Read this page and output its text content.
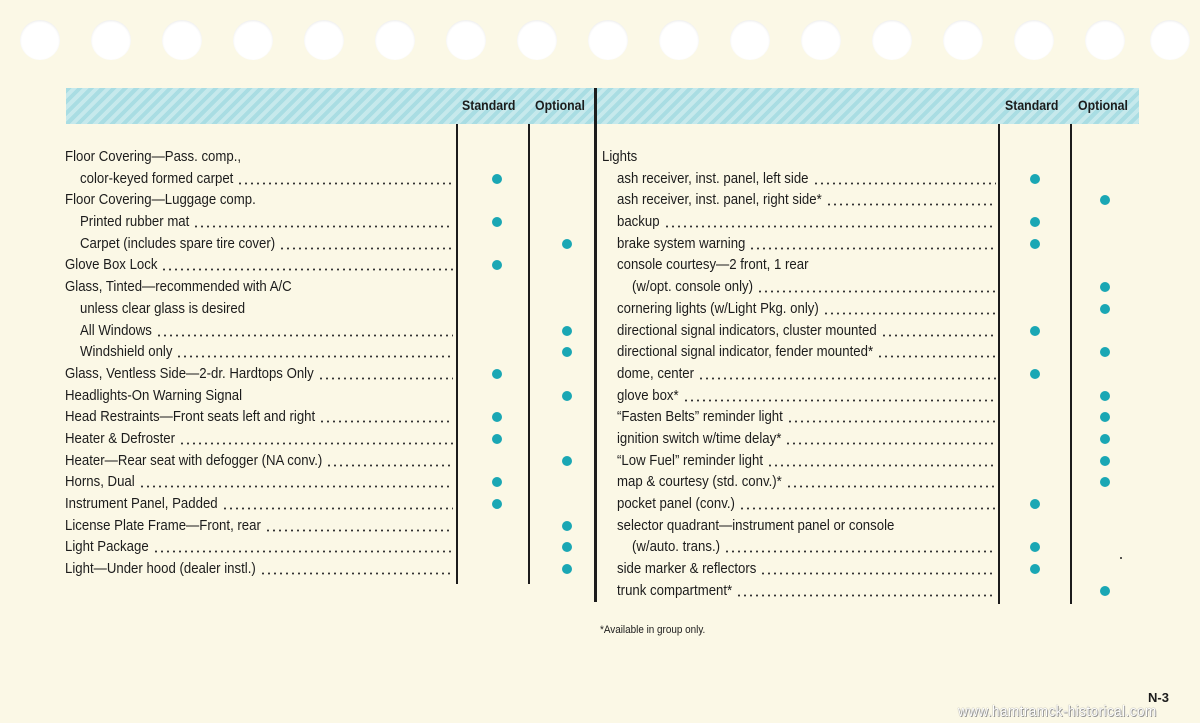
Standard Optional	Standard Optional
Floor Covering—Pass. comp.,
color-keyed formed carpet
Floor Covering—Luggage comp.
Printed rubber mat
Carpet (includes spare tire cover)
Glove Box Lock
Glass, Tinted—recommended with A/C
unless clear glass is desired
All Windows
Windshield only
Glass, Ventless Side—2-dr. Hardtops Only
Headlights-On Warning Signal
Head Restraints—Front seats left and right
Heater & Defroster
Heater—Rear seat with defogger (NA conv.)
Horns, Dual
Instrument Panel, Padded
License Plate Frame—Front, rear
Light Package
Light—Under hood (dealer instl.)
Lights
ash receiver, inst. panel, left side
ash receiver, inst. panel, right side*
backup
brake system warning
console courtesy—2 front, 1 rear
(w/opt. console only)
cornering lights (w/Light Pkg. only)
directional signal indicators, cluster mounted
directional signal indicator, fender mounted*
dome, center
glove box*
“Fasten Belts” reminder light
ignition switch w/time delay*
“Low Fuel” reminder light
map & courtesy (std. conv.)*
pocket panel (conv.)
selector quadrant—instrument panel or console
(w/auto. trans.)
side marker & reflectors
trunk compartment*
*Available in group only.
N-3
www.hamtramck-historical.com
